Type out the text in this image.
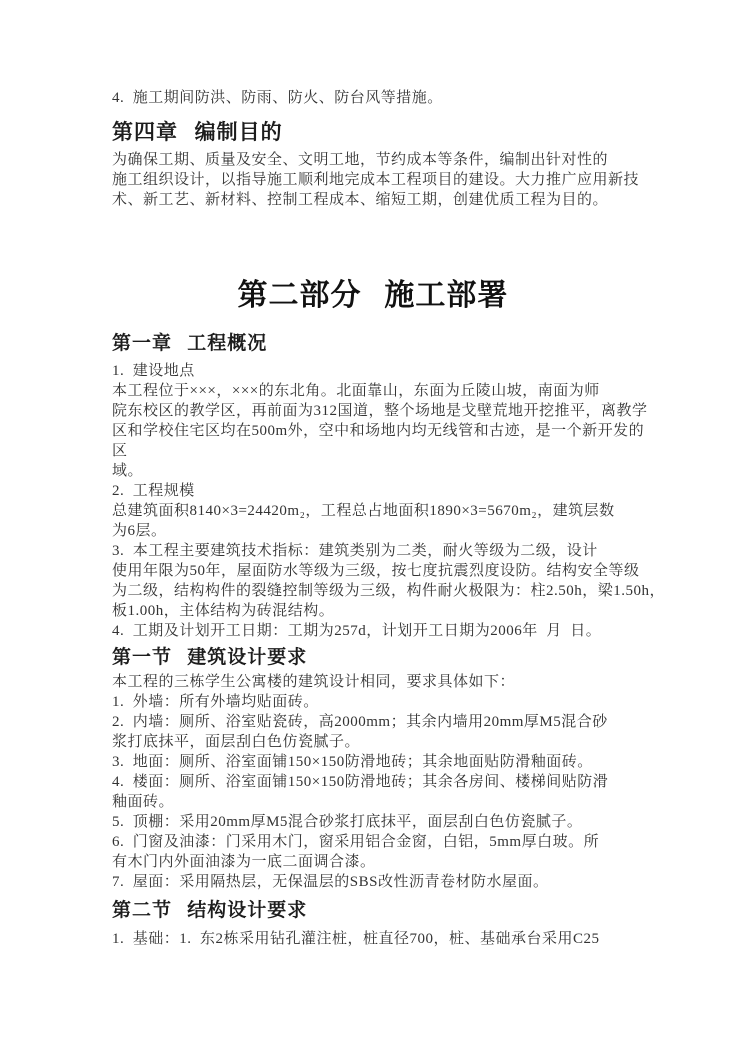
4.  施工期间防洪、防雨、防火、防台风等措施。
第四章  编制目的
为确保工期、质量及安全、文明工地，节约成本等条件，编制出针对性的
施工组织设计，以指导施工顺利地完成本工程项目的建设。大力推广应用新技
术、新工艺、新材料、控制工程成本、缩短工期，创建优质工程为目的。
第二部分  施工部署
第一章  工程概况
1.  建设地点
本工程位于×××，×××的东北角。北面靠山，东面为丘陵山坡，南面为师
院东校区的教学区，再前面为312国道，整个场地是戈壁荒地开挖推平，离教学
区和学校住宅区均在500m外，空中和场地内均无线管和古迹，是一个新开发的
区
域。
2.  工程规模
总建筑面积8140×3=24420m₂，工程总占地面积1890×3=5670m₂，建筑层数
为6层。
3.  本工程主要建筑技术指标：建筑类别为二类，耐火等级为二级，设计
使用年限为50年，屋面防水等级为三级，按七度抗震烈度设防。结构安全等级
为二级，结构构件的裂缝控制等级为三级，构件耐火极限为：柱2.50h，梁1.50h，
板1.00h，主体结构为砖混结构。
4.  工期及计划开工日期：工期为257d，计划开工日期为2006年  月  日。
第一节  建筑设计要求
本工程的三栋学生公寓楼的建筑设计相同，要求具体如下：
1.  外墙：所有外墙均贴面砖。
2.  内墙：厕所、浴室贴瓷砖，高2000mm；其余内墙用20mm厚M5混合砂
浆打底抹平，面层刮白色仿瓷腻子。
3.  地面：厕所、浴室面铺150×150防滑地砖；其余地面贴防滑釉面砖。
4.  楼面：厕所、浴室面铺150×150防滑地砖；其余各房间、楼梯间贴防滑
釉面砖。
5.  顶棚：采用20mm厚M5混合砂浆打底抹平，面层刮白色仿瓷腻子。
6.  门窗及油漆：门采用木门，窗采用铝合金窗，白铝，5mm厚白玻。所
有木门内外面油漆为一底二面调合漆。
7.  屋面：采用隔热层，无保温层的SBS改性沥青卷材防水屋面。
第二节  结构设计要求
1.  基础：1.  东2栋采用钻孔灌注桩，桩直径700，桩、基础承台采用C25
